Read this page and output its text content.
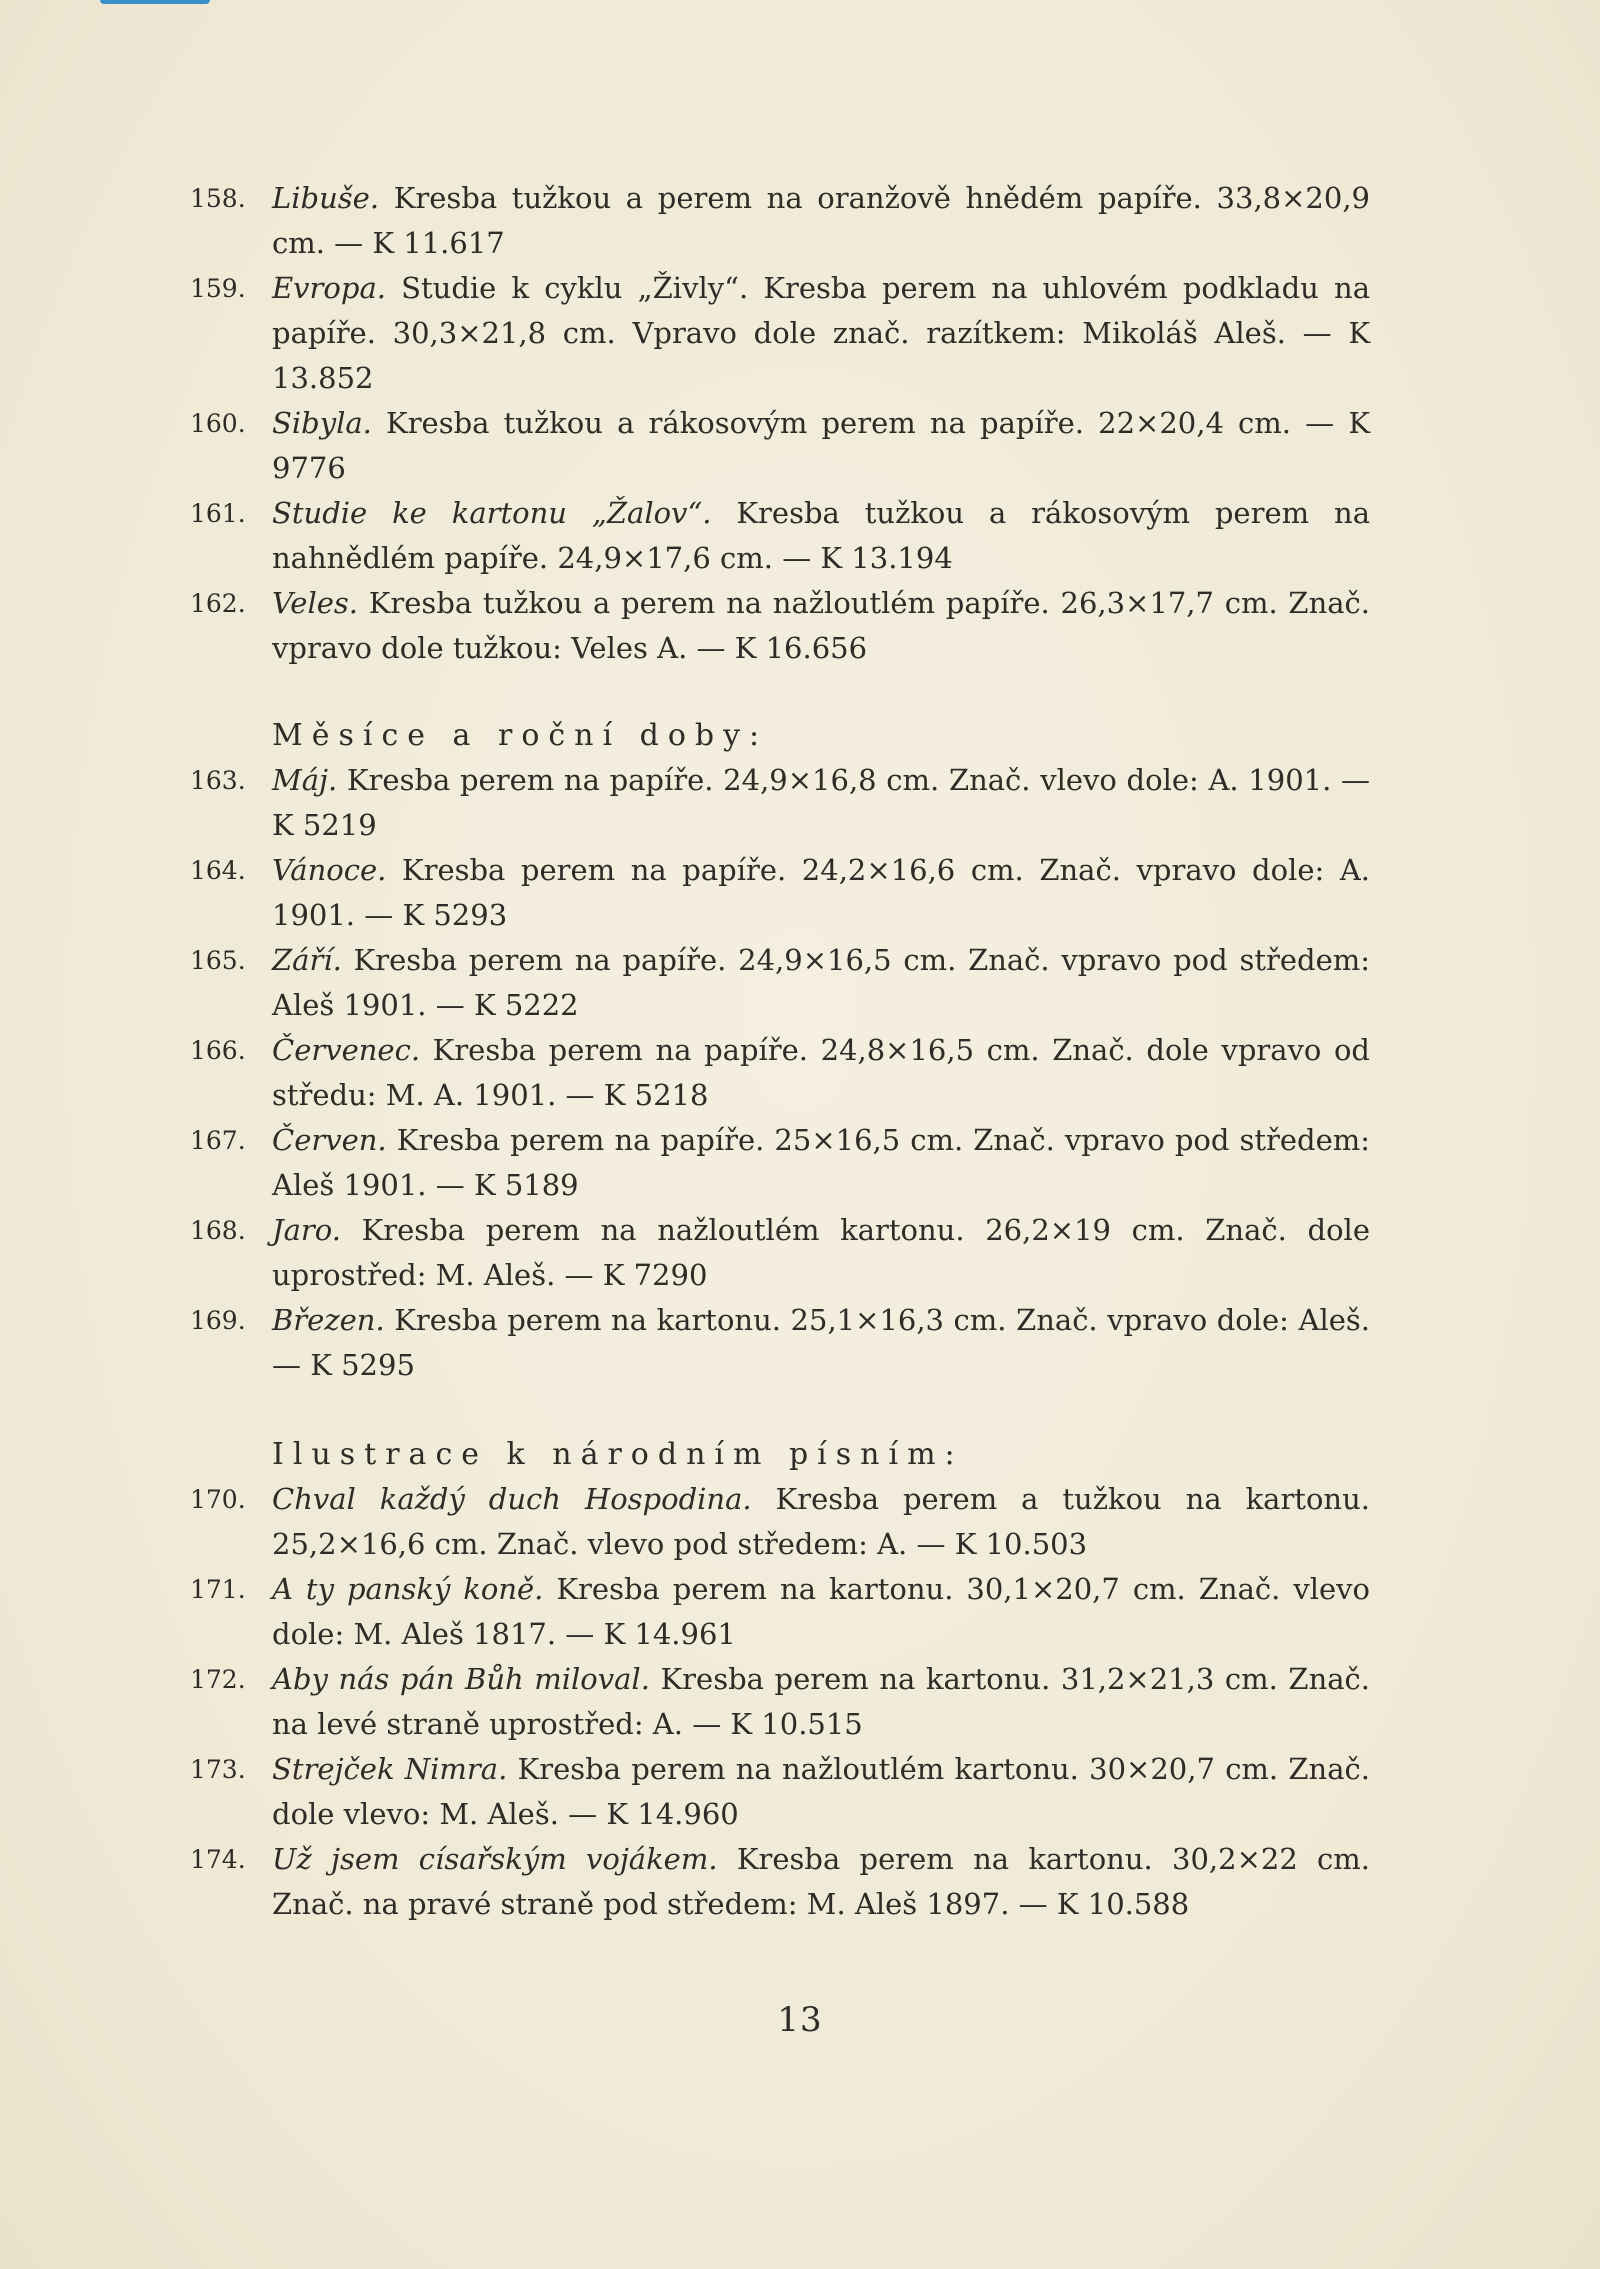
158. Libuše. Kresba tužkou a perem na oranžově hnědém papíře. 33,8×20,9 cm. — K 11.617
159. Evropa. Studie k cyklu „Živly“. Kresba perem na uhlovém podkladu na papíře. 30,3×21,8 cm. Vpravo dole znač. razítkem: Mikoláš Aleš. — K 13.852
160. Sibyla. Kresba tužkou a rákosovým perem na papíře. 22×20,4 cm. — K 9776
161. Studie ke kartonu „Žalov“. Kresba tužkou a rákosovým perem na nahnědlém papíře. 24,9×17,6 cm. — K 13.194
162. Veles. Kresba tužkou a perem na nažloutlém papíře. 26,3×17,7 cm. Znač. vpravo dole tužkou: Veles A. — K 16.656
Měsíce a roční doby:
163. Máj. Kresba perem na papíře. 24,9×16,8 cm. Znač. vlevo dole: A. 1901. — K 5219
164. Vánoce. Kresba perem na papíře. 24,2×16,6 cm. Znač. vpravo dole: A. 1901. — K 5293
165. Září. Kresba perem na papíře. 24,9×16,5 cm. Znač. vpravo pod středem: Aleš 1901. — K 5222
166. Červenec. Kresba perem na papíře. 24,8×16,5 cm. Znač. dole vpravo od středu: M. A. 1901. — K 5218
167. Červen. Kresba perem na papíře. 25×16,5 cm. Znač. vpravo pod středem: Aleš 1901. — K 5189
168. Jaro. Kresba perem na nažloutlém kartonu. 26,2×19 cm. Znač. dole uprostřed: M. Aleš. — K 7290
169. Březen. Kresba perem na kartonu. 25,1×16,3 cm. Znač. vpravo dole: Aleš. — K 5295
Ilustrace k národním písním:
170. Chval každý duch Hospodina. Kresba perem a tužkou na kartonu. 25,2×16,6 cm. Znač. vlevo pod středem: A. — K 10.503
171. A ty panský koně. Kresba perem na kartonu. 30,1×20,7 cm. Znač. vlevo dole: M. Aleš 1817. — K 14.961
172. Aby nás pán Bůh miloval. Kresba perem na kartonu. 31,2×21,3 cm. Znač. na levé straně uprostřed: A. — K 10.515
173. Strejček Nimra. Kresba perem na nažloutlém kartonu. 30×20,7 cm. Znač. dole vlevo: M. Aleš. — K 14.960
174. Už jsem císařským vojákem. Kresba perem na kartonu. 30,2×22 cm. Znač. na pravé straně pod středem: M. Aleš 1897. — K 10.588
13
